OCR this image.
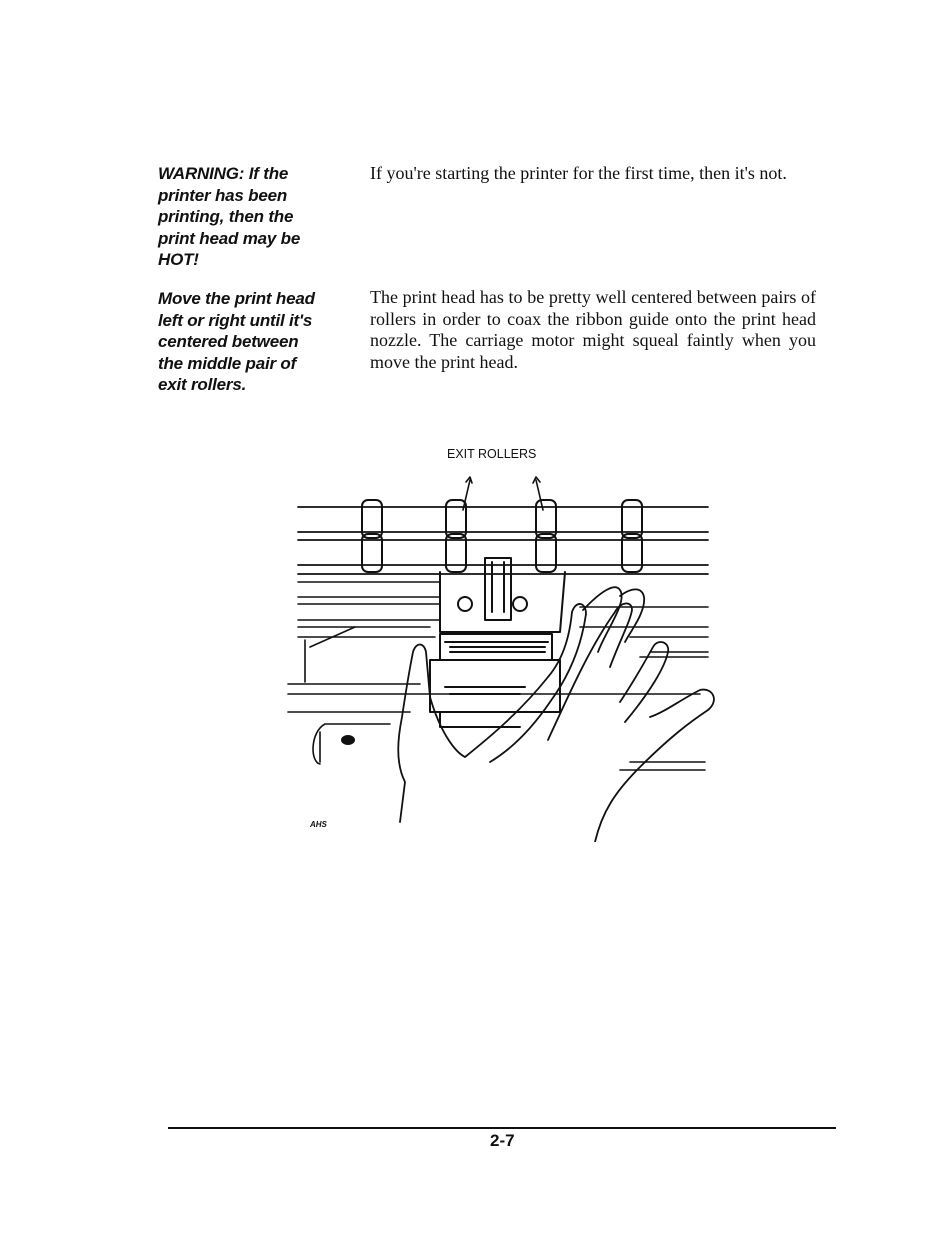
WARNING: If the
printer has been
printing, then the
print head may be
HOT!
If you're starting the printer for the first time, then it's not.
Move the print head
left or right until it's
centered between
the middle pair of
exit rollers.
The print head has to be pretty well centered between pairs of rollers in order to coax the ribbon guide onto the print head nozzle. The carriage motor might squeal faintly when you move the print head.
EXIT ROLLERS
AHS
2-7
